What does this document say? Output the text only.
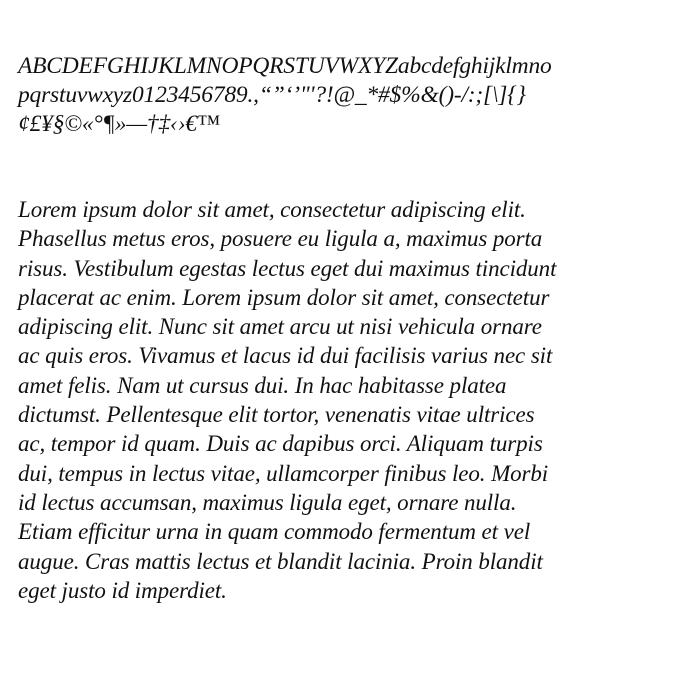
ABCDEFGHIJKLMNOPQRSTUVWXYZabcdefghijklmno
pqrstuvwxyz0123456789.,“”‘’"'?!@_*#$%&()-/:;[\]{}
¢£¥§©«°¶»—†‡‹›€™
Lorem ipsum dolor sit amet, consectetur adipiscing elit.
Phasellus metus eros, posuere eu ligula a, maximus porta
risus. Vestibulum egestas lectus eget dui maximus tincidunt
placerat ac enim. Lorem ipsum dolor sit amet, consectetur
adipiscing elit. Nunc sit amet arcu ut nisi vehicula ornare
ac quis eros. Vivamus et lacus id dui facilisis varius nec sit
amet felis. Nam ut cursus dui. In hac habitasse platea
dictumst. Pellentesque elit tortor, venenatis vitae ultrices
ac, tempor id quam. Duis ac dapibus orci. Aliquam turpis
dui, tempus in lectus vitae, ullamcorper finibus leo. Morbi
id lectus accumsan, maximus ligula eget, ornare nulla.
Etiam efficitur urna in quam commodo fermentum et vel
augue. Cras mattis lectus et blandit lacinia. Proin blandit
eget justo id imperdiet.
